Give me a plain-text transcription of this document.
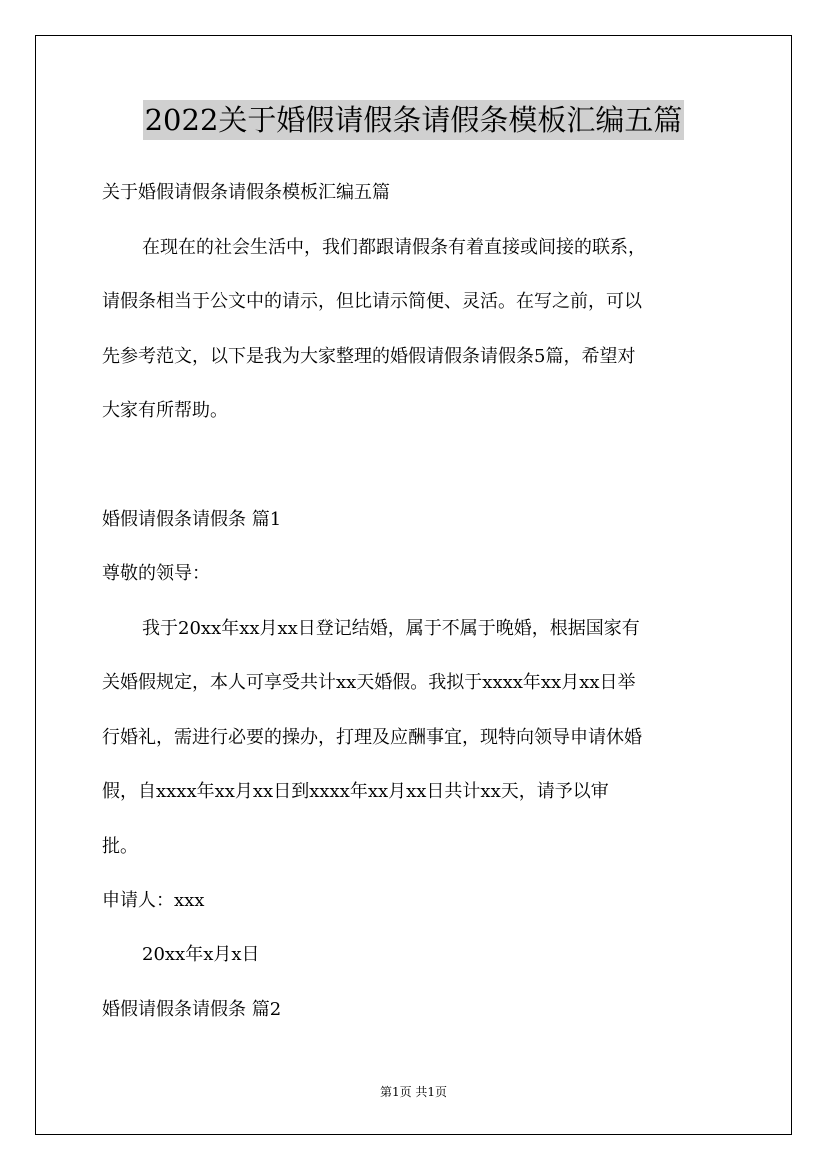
2022关于婚假请假条请假条模板汇编五篇
关于婚假请假条请假条模板汇编五篇
在现在的社会生活中，我们都跟请假条有着直接或间接的联系，
请假条相当于公文中的请示，但比请示简便、灵活。在写之前，可以
先参考范文，以下是我为大家整理的婚假请假条请假条5篇，希望对
大家有所帮助。
婚假请假条请假条 篇1
尊敬的领导：
我于20xx年xx月xx日登记结婚，属于不属于晚婚，根据国家有
关婚假规定，本人可享受共计xx天婚假。我拟于xxxx年xx月xx日举
行婚礼，需进行必要的操办，打理及应酬事宜，现特向领导申请休婚
假，自xxxx年xx月xx日到xxxx年xx月xx日共计xx天，请予以审
批。
申请人：xxx
20xx年x月x日
婚假请假条请假条 篇2
第1页 共1页
